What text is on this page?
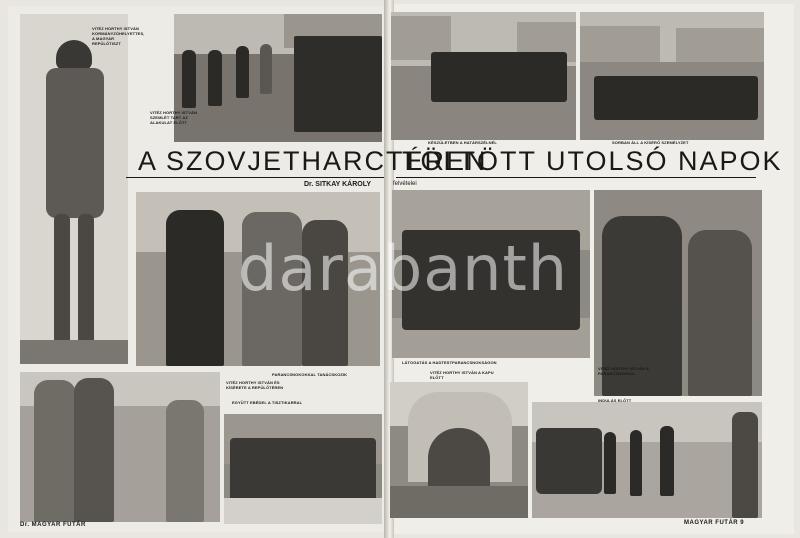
VITÉZ HORTHY ISTVÁN KORMÁNYZÓHELYETTES, A MAGYAR REPÜLŐTISZT
VITÉZ HORTHY ISTVÁN SZEMLÉT TART AZ ALAKULAT ELŐTT
KÉSZÜLETBEN A HATÁRSZÉLNÉL	SORBAN ÁLL A KÍSÉRŐ SZEMÉLYZET
A SZOVJETHARCTÉREN
TÖLTÖTT UTOLSÓ NAPOK
Dr. SITKAY KÁROLY	felvételei
PARANCSNOKOKKAL TANÁCSKOZIK
LÁTOGATÁS A HADTESTPARANCSNOKSÁGON
VITÉZ HORTHY ISTVÁN A PARANCSNOKKAL
VITÉZ HORTHY ISTVÁN ÉS KÍSÉRETE A REPÜLŐTÉREN
EGYÜTT EBÉDEL A TISZTIKARRAL
VITÉZ HORTHY ISTVÁN A KAPU ELŐTT
INDULÁS ELŐTT
Dr. MAGYAR FUTÁR	MAGYAR FUTÁR 9
darabanth
